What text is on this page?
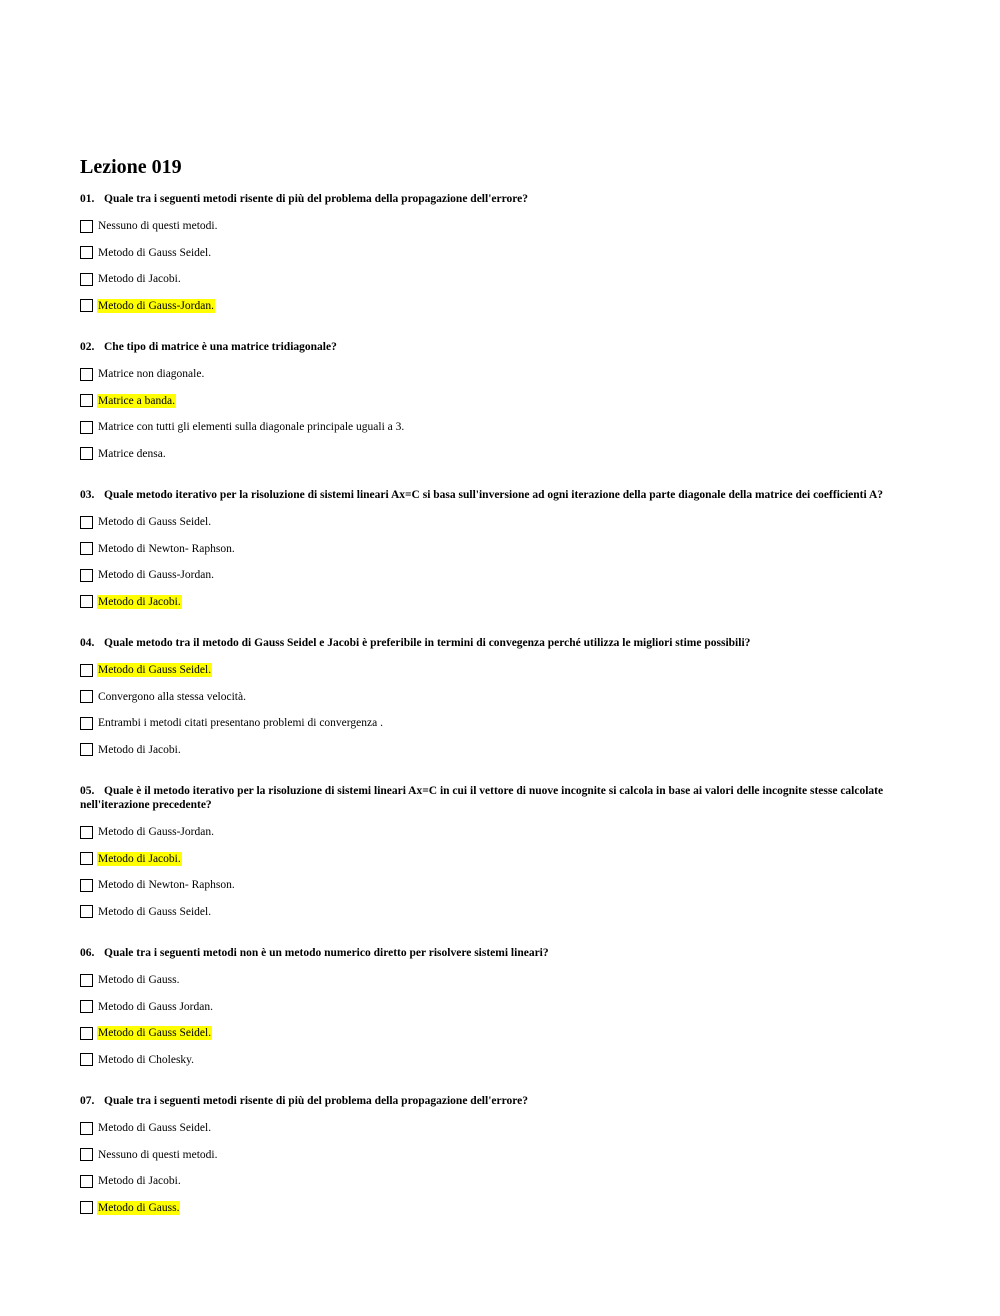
Lezione 019
01. Quale tra i seguenti metodi risente di più del problema della propagazione dell'errore?
Nessuno di questi metodi.
Metodo di Gauss Seidel.
Metodo di Jacobi.
Metodo di Gauss-Jordan.
02. Che tipo di matrice è una matrice tridiagonale?
Matrice non diagonale.
Matrice a banda.
Matrice con tutti gli elementi sulla diagonale principale uguali a 3.
Matrice densa.
03. Quale metodo iterativo per la risoluzione di sistemi lineari Ax=C si basa sull'inversione ad ogni iterazione della parte diagonale della matrice dei coefficienti A?
Metodo di Gauss Seidel.
Metodo di Newton- Raphson.
Metodo di Gauss-Jordan.
Metodo di Jacobi.
04. Quale metodo tra il metodo di Gauss Seidel e Jacobi è preferibile in termini di convegenza perché utilizza le migliori stime possibili?
Metodo di Gauss Seidel.
Convergono alla stessa velocità.
Entrambi i metodi citati presentano problemi di convergenza .
Metodo di Jacobi.
05. Quale è il metodo iterativo per la risoluzione di sistemi lineari Ax=C in cui il vettore di nuove incognite si calcola in base ai valori delle incognite stesse calcolate nell'iterazione precedente?
Metodo di Gauss-Jordan.
Metodo di Jacobi.
Metodo di Newton- Raphson.
Metodo di Gauss Seidel.
06. Quale tra i seguenti metodi non è un metodo numerico diretto per risolvere sistemi lineari?
Metodo di Gauss.
Metodo di Gauss Jordan.
Metodo di Gauss Seidel.
Metodo di Cholesky.
07. Quale tra i seguenti metodi risente di più del problema della propagazione dell'errore?
Metodo di Gauss Seidel.
Nessuno di questi metodi.
Metodo di Jacobi.
Metodo di Gauss.
